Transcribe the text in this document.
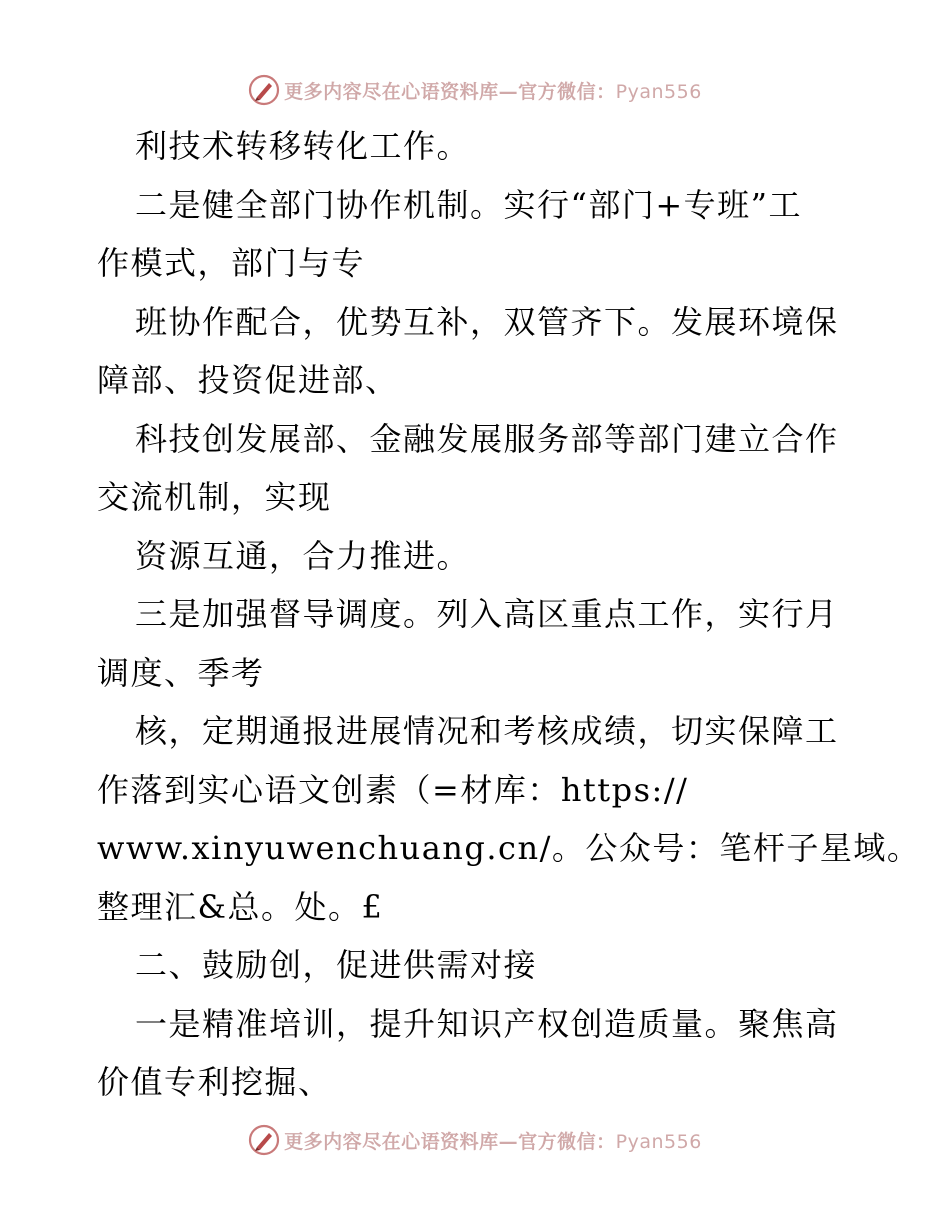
更多内容尽在心语资料库—官方微信：Pyan556
利技术转移转化工作。
二是健全部门协作机制。实行“部门+专班”工
作模式，部门与专
班协作配合，优势互补，双管齐下。发展环境保
障部、投资促进部、
科技创发展部、金融发展服务部等部门建立合作
交流机制，实现
资源互通，合力推进。
三是加强督导调度。列入高区重点工作，实行月
调度、季考
核，定期通报进展情况和考核成绩，切实保障工
作落到实心语文创素（=材库：https://
www.xinyuwenchuang.cn/。公众号：笔杆子星域。
整理汇&总。处。£
二、鼓励创，促进供需对接
一是精准培训，提升知识产权创造质量。聚焦高
价值专利挖掘、
更多内容尽在心语资料库—官方微信：Pyan556
